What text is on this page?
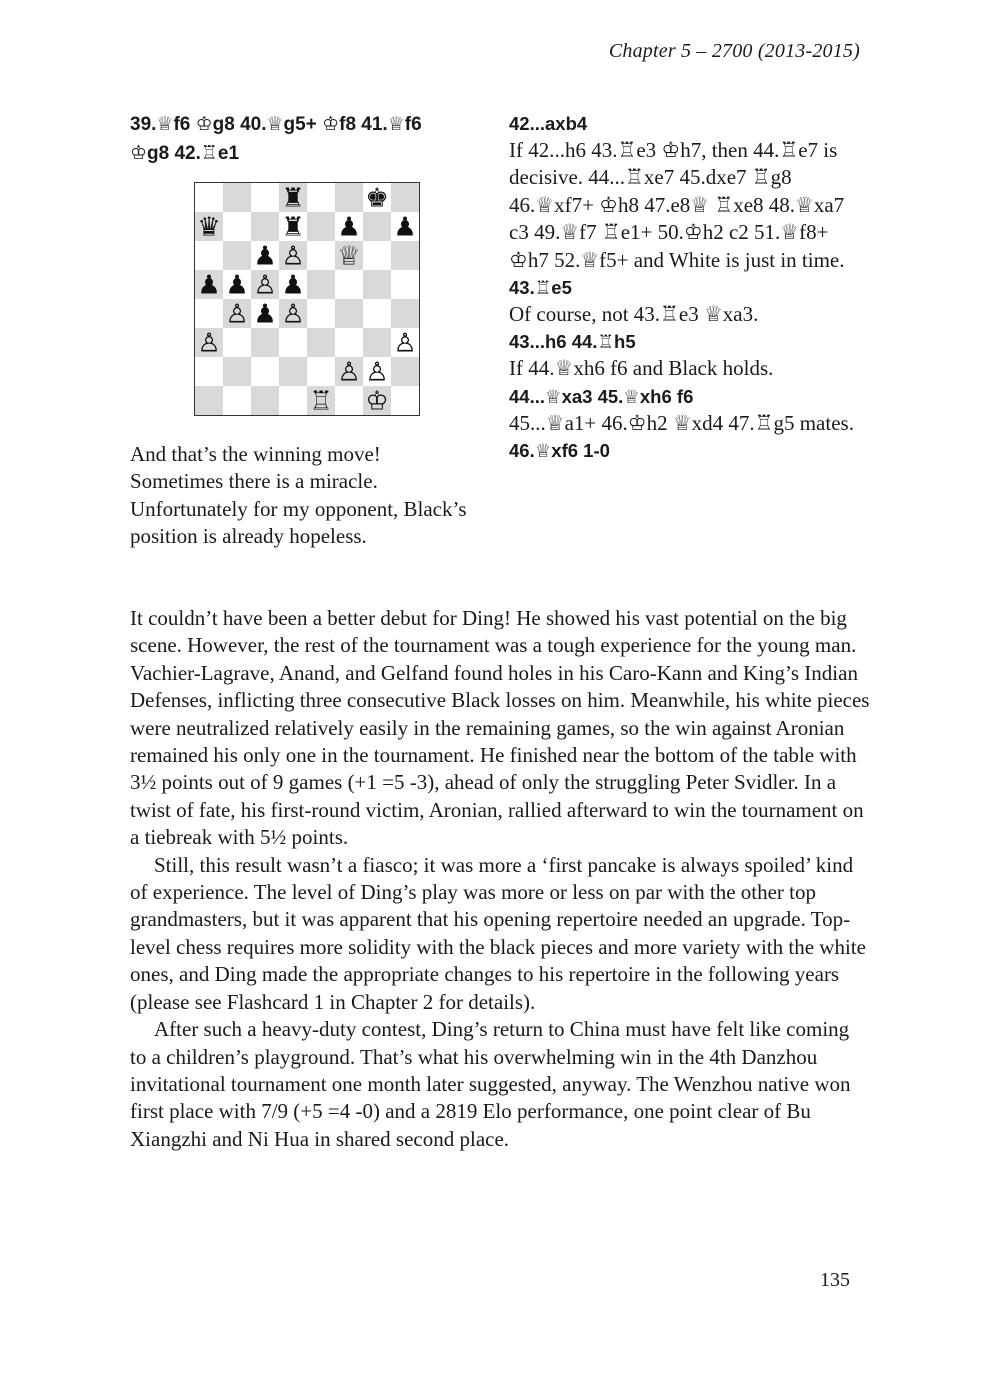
Chapter 5 – 2700 (2013-2015)

39.♕f6 ♔g8 40.♕g5+ ♔f8 41.♕f6

♔g8 42.♖e1

♜ ♚
♛ ♜ ♟ ♟
♟ ♙ ♕
♟ ♟ ♙ ♟
♙ ♟ ♙
♙	♙
♙ ♙
♖ ♔

And that’s the winning move! Sometimes there is a miracle. Unfortunately for my opponent, Black’s position is already hopeless.

42...axb4

If 42...h6 43.♖e3 ♔h7, then 44.♖e7 is decisive. 44...♖xe7 45.dxe7 ♖g8 46.♕xf7+ ♔h8 47.e8♕ ♖xe8 48.♕xa7 c3 49.♕f7 ♖e1+ 50.♔h2 c2 51.♕f8+ ♔h7 52.♕f5+ and White is just in time.

43.♖e5

Of course, not 43.♖e3 ♕xa3.

43...h6 44.♖h5

If 44.♕xh6 f6 and Black holds.

44...♕xa3 45.♕xh6 f6

45...♕a1+ 46.♔h2 ♕xd4 47.♖g5 mates.

46.♕xf6 1-0

It couldn’t have been a better debut for Ding! He showed his vast potential on the big scene. However, the rest of the tournament was a tough experience for the young man. Vachier-Lagrave, Anand, and Gelfand found holes in his Caro-Kann and King’s Indian Defenses, inflicting three consecutive Black losses on him. Meanwhile, his white pieces were neutralized relatively easily in the remaining games, so the win against Aronian remained his only one in the tournament. He finished near the bottom of the table with 3½ points out of 9 games (+1 =5 -3), ahead of only the struggling Peter Svidler. In a twist of fate, his first-round victim, Aronian, rallied afterward to win the tournament on a tiebreak with 5½ points.

Still, this result wasn’t a fiasco; it was more a ‘first pancake is always spoiled’ kind of experience. The level of Ding’s play was more or less on par with the other top grandmasters, but it was apparent that his opening repertoire needed an upgrade. Top-level chess requires more solidity with the black pieces and more variety with the white ones, and Ding made the appropriate changes to his repertoire in the following years (please see Flashcard 1 in Chapter 2 for details).

After such a heavy-duty contest, Ding’s return to China must have felt like coming to a children’s playground. That’s what his overwhelming win in the 4th Danzhou invitational tournament one month later suggested, anyway. The Wenzhou native won first place with 7/9 (+5 =4 -0) and a 2819 Elo performance, one point clear of Bu Xiangzhi and Ni Hua in shared second place.

135
